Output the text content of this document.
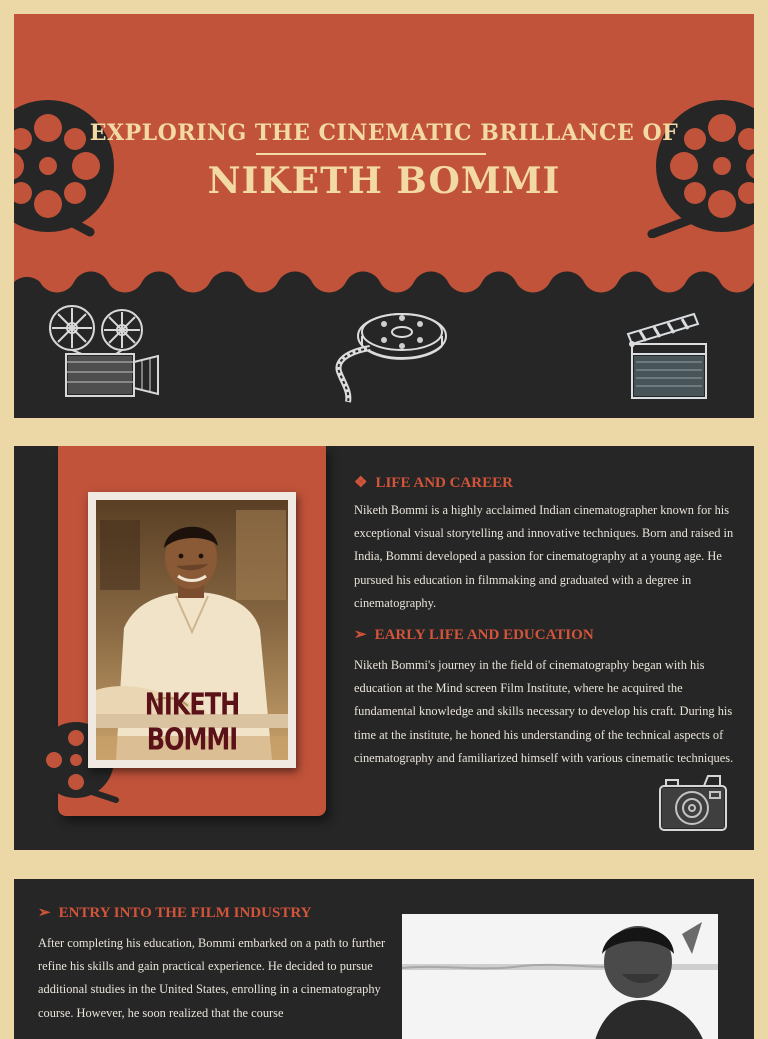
EXPLORING THE CINEMATIC BRILLANCE OF
NIKETH BOMMI
NIKETH BOMMI
❖ LIFE AND CAREER

Niketh Bommi is a highly acclaimed Indian cinematographer known for his exceptional visual storytelling and innovative techniques. Born and raised in India, Bommi developed a passion for cinematography at a young age. He pursued his education in filmmaking and graduated with a degree in cinematography.

➢ EARLY LIFE AND EDUCATION

Niketh Bommi's journey in the field of cinematography began with his education at the Mind screen Film Institute, where he acquired the fundamental knowledge and skills necessary to develop his craft. During his time at the institute, he honed his understanding of the technical aspects of cinematography and familiarized himself with various cinematic techniques.

➢ ENTRY INTO THE FILM INDUSTRY

After completing his education, Bommi embarked on a path to further refine his skills and gain practical experience. He decided to pursue additional studies in the United States, enrolling in a cinematography course. However, he soon realized that the course
